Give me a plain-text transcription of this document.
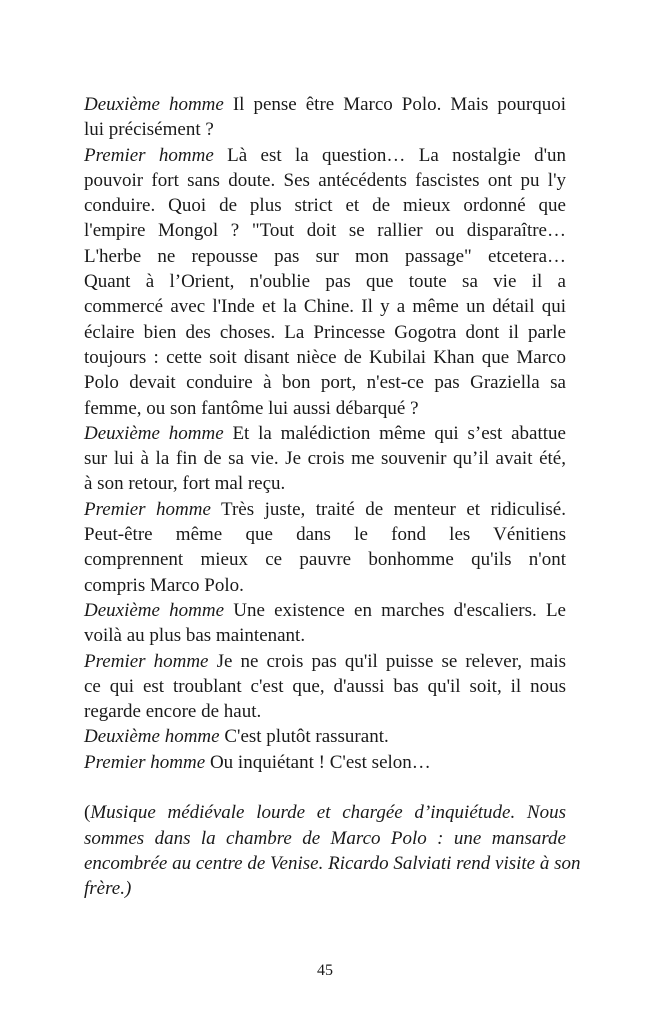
Deuxième homme Il pense être Marco Polo. Mais pourquoi
lui précisément ?
Premier homme Là est la question… La nostalgie d'un
pouvoir fort sans doute. Ses antécédents fascistes ont pu l'y
conduire. Quoi de plus strict et de mieux ordonné que
l'empire Mongol ? "Tout doit se rallier ou disparaître…
L'herbe ne repousse pas sur mon passage" etcetera…
Quant à l’Orient, n'oublie pas que toute sa vie il a
commercé avec l'Inde et la Chine. Il y a même un détail qui
éclaire bien des choses. La Princesse Gogotra dont il parle
toujours : cette soit disant nièce de Kubilai Khan que Marco
Polo devait conduire à bon port, n'est-ce pas Graziella sa
femme, ou son fantôme lui aussi débarqué ?
Deuxième homme Et la malédiction même qui s’est abattue
sur lui à la fin de sa vie. Je crois me souvenir qu’il avait été,
à son retour, fort mal reçu.
Premier homme Très juste, traité de menteur et ridiculisé.
Peut-être même que dans le fond les Vénitiens
comprennent mieux ce pauvre bonhomme qu'ils n'ont
compris Marco Polo.
Deuxième homme Une existence en marches d'escaliers. Le
voilà au plus bas maintenant.
Premier homme Je ne crois pas qu'il puisse se relever, mais
ce qui est troublant c'est que, d'aussi bas qu'il soit, il nous
regarde encore de haut.
Deuxième homme C'est plutôt rassurant.
Premier homme Ou inquiétant ! C'est selon…
(Musique médiévale lourde et chargée d’inquiétude. Nous
sommes dans la chambre de Marco Polo : une mansarde
encombrée au centre de Venise. Ricardo Salviati rend visite à son
frère.)
45
